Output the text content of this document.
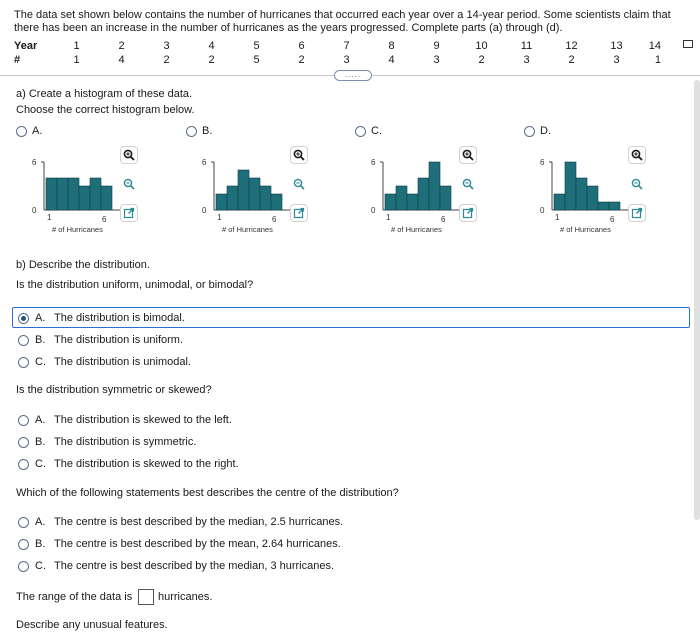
The data set shown below contains the number of hurricanes that occurred each year over a 14-year period. Some scientists claim that there has been an increase in the number of hurricanes as the years progressed. Complete parts (a) through (d).
Year	1	2	3	4	5	6	7	8	9	10	11	12	13	14
#	1	4	2	2	5	2	3	4	3	2	3	2	3	1
.....
a) Create a histogram of these data.
Choose the correct histogram below.
A.
6
0
1	6
# of Hurricanes
B.
6
0
1	6
# of Hurricanes
C.
6
0
1	6
# of Hurricanes
D.
6
0
1	6
# of Hurricanes
b) Describe the distribution.
Is the distribution uniform, unimodal, or bimodal?
A. The distribution is bimodal.
B. The distribution is uniform.
C. The distribution is unimodal.
Is the distribution symmetric or skewed?
A. The distribution is skewed to the left.
B. The distribution is symmetric.
C. The distribution is skewed to the right.
Which of the following statements best describes the centre of the distribution?
A. The centre is best described by the median, 2.5 hurricanes.
B. The centre is best described by the mean, 2.64 hurricanes.
C. The centre is best described by the median, 3 hurricanes.
The range of the data is hurricanes.
Describe any unusual features.
